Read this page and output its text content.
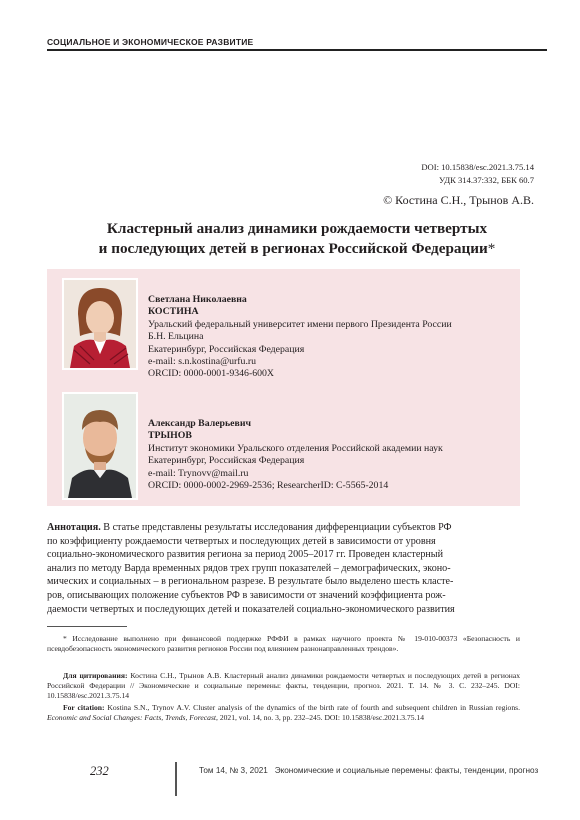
СОЦИАЛЬНОЕ И ЭКОНОМИЧЕСКОЕ РАЗВИТИЕ
DOI: 10.15838/esc.2021.3.75.14
УДК 314.37:332, ББК 60.7
© Костина С.Н., Трынов А.В.
Кластерный анализ динамики рождаемости четвертых
и последующих детей в регионах Российской Федерации*
Светлана Николаевна
КОСТИНА
Уральский федеральный университет имени первого Президента России
Б.Н. Ельцина
Екатеринбург, Российская Федерация
e-mail: s.n.kostina@urfu.ru
ORCID: 0000-0001-9346-600X
Александр Валерьевич
ТРЫНОВ
Институт экономики Уральского отделения Российской академии наук
Екатеринбург, Российская Федерация
e-mail: Trynovv@mail.ru
ORCID: 0000-0002-2969-2536; ResearcherID: C-5565-2014
Аннотация. В статье представлены результаты исследования дифференциации субъектов РФ
по коэффициенту рождаемости четвертых и последующих детей в зависимости от уровня
социально-экономического развития региона за период 2005–2017 гг. Проведен кластерный
анализ по методу Варда временных рядов трех групп показателей – демографических, эконо-
мических и социальных – в региональном разрезе. В результате было выделено шесть класте-
ров, описывающих положение субъектов РФ в зависимости от значений коэффициента рож-
даемости четвертых и последующих детей и показателей социально-экономического развития
* Исследование выполнено при финансовой поддержке РФФИ в рамках научного проекта № 19-010-00373 «Безопасность и псевдобезопасность экономического развития регионов России под влиянием разнонаправленных трендов».
Для цитирования: Костина С.Н., Трынов А.В. Кластерный анализ динамики рождаемости четвертых и последующих детей в регионах Российской Федерации // Экономические и социальные перемены: факты, тенденции, прогноз. 2021. Т. 14. № 3. С. 232–245. DOI: 10.15838/esc.2021.3.75.14
For citation: Kostina S.N., Trynov A.V. Cluster analysis of the dynamics of the birth rate of fourth and subsequent children in Russian regions. Economic and Social Changes: Facts, Trends, Forecast, 2021, vol. 14, no. 3, pp. 232–245. DOI: 10.15838/esc.2021.3.75.14
232	Том 14, № 3, 2021 Экономические и социальные перемены: факты, тенденции, прогноз
